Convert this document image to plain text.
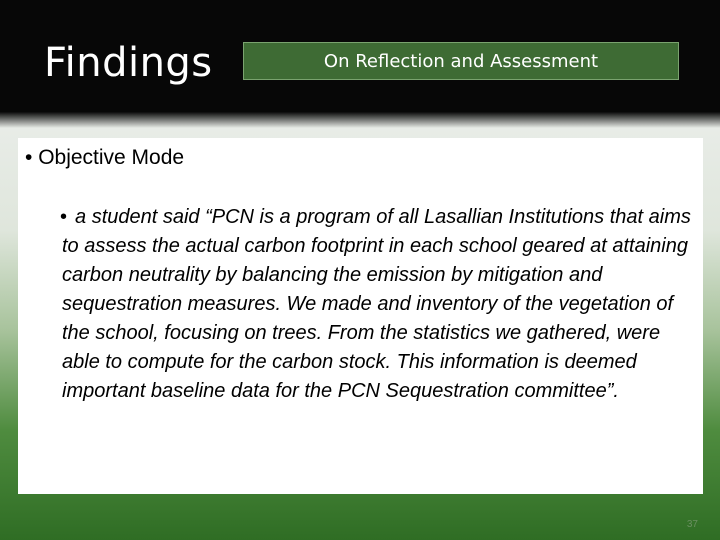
Findings	On Reflection and Assessment
• Objective Mode
• a student said “PCN is a program of all Lasallian Institutions that aims to assess the actual carbon footprint in each school geared at attaining carbon neutrality by balancing the emission by mitigation and sequestration measures. We made and inventory of the vegetation of the school, focusing on trees. From the statistics we gathered, were able to compute for the carbon stock. This information is deemed important baseline data for the PCN Sequestration committee”.
37
